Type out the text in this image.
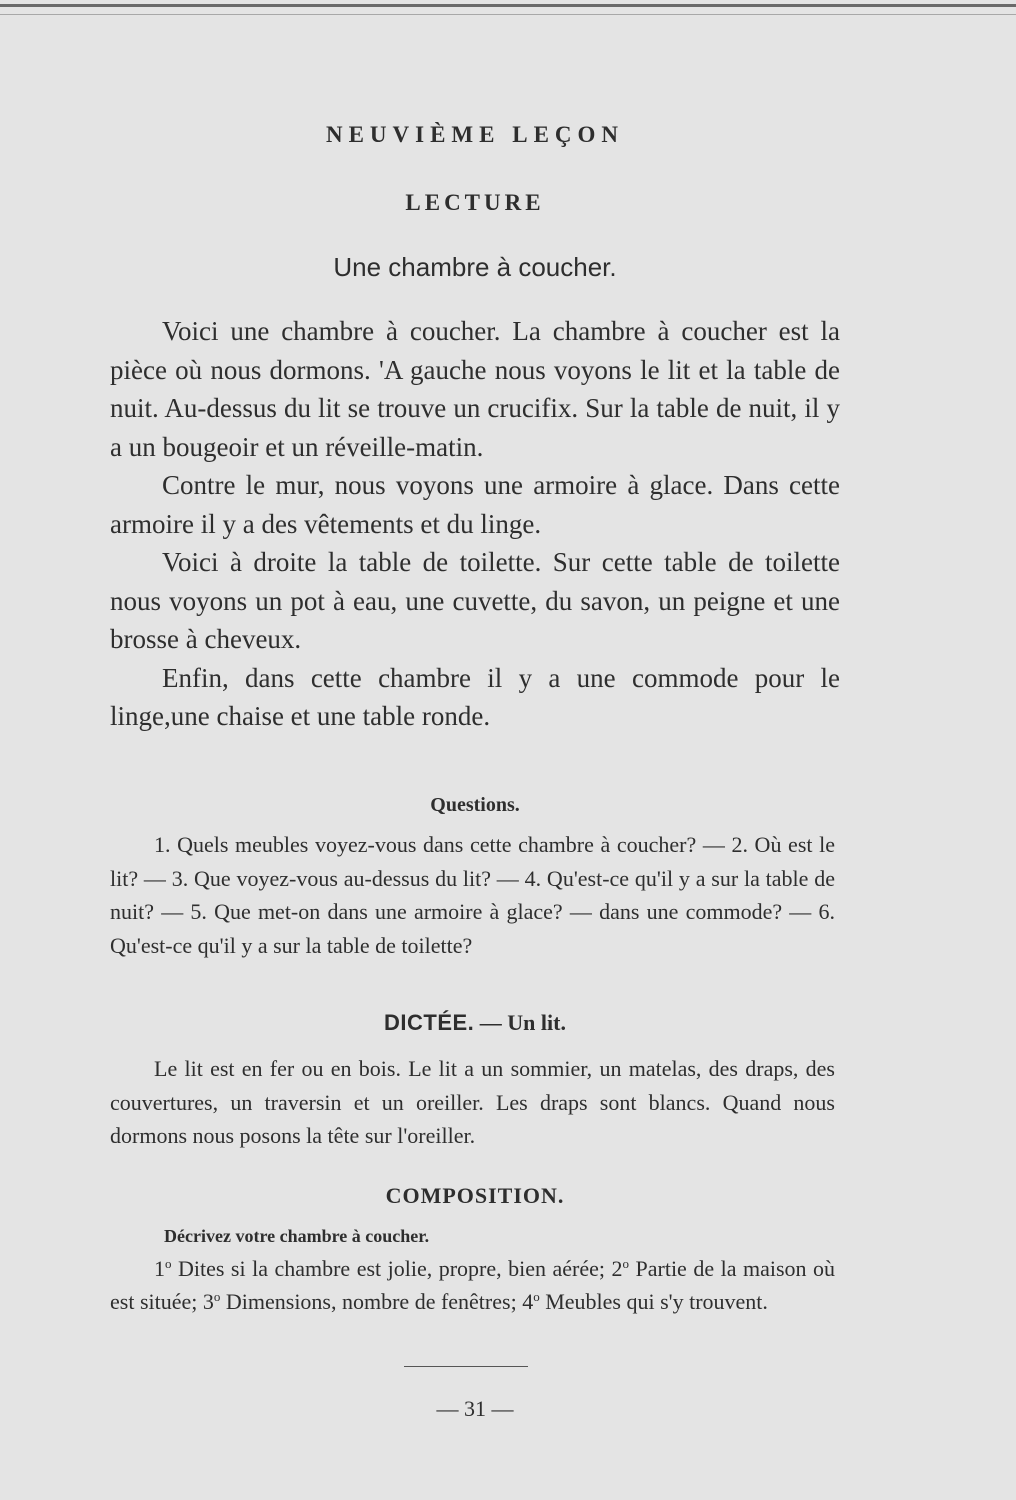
NEUVIÈME LEÇON
LECTURE
Une chambre à coucher.

Voici une chambre à coucher. La chambre à coucher est la pièce où nous dormons. 'A gauche nous voyons le lit et la table de nuit. Au-dessus du lit se trouve un crucifix. Sur la table de nuit, il y a un bougeoir et un réveille-matin.

Contre le mur, nous voyons une armoire à glace. Dans cette armoire il y a des vêtements et du linge.

Voici à droite la table de toilette. Sur cette table de toilette nous voyons un pot à eau, une cuvette, du savon, un peigne et une brosse à cheveux.

Enfin, dans cette chambre il y a une commode pour le linge,une chaise et une table ronde.

Questions.

1. Quels meubles voyez-vous dans cette chambre à coucher? — 2. Où est le lit? — 3. Que voyez-vous au-dessus du lit? — 4. Qu'est-ce qu'il y a sur la table de nuit? — 5. Que met-on dans une armoire à glace? — dans une commode? — 6. Qu'est-ce qu'il y a sur la table de toilette?

DICTÉE. — Un lit.

Le lit est en fer ou en bois. Le lit a un sommier, un matelas, des draps, des couvertures, un traversin et un oreiller. Les draps sont blancs. Quand nous dormons nous posons la tête sur l'oreiller.

COMPOSITION.

Décrivez votre chambre à coucher.

1$^o$ Dites si la chambre est jolie, propre, bien aérée; 2$^o$ Partie de la maison où est située; 3$^o$ Dimensions, nombre de fenêtres; 4$^o$ Meubles qui s'y trouvent.

— 31 —
